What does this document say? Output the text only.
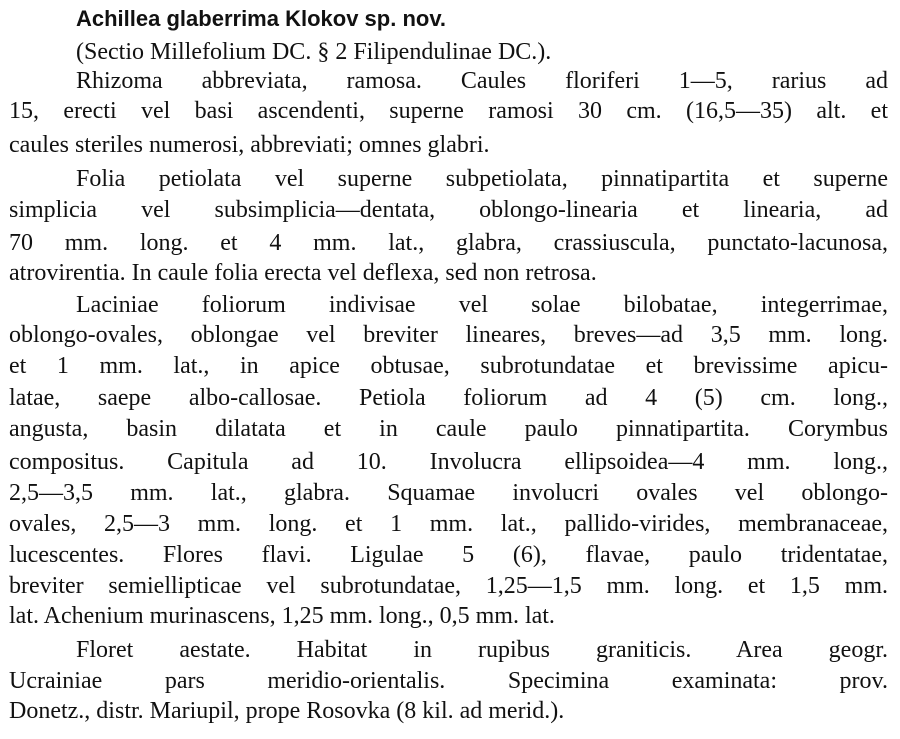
Achillea glaberrima Klokov sp. nov.
(Sectio Millefolium DC. § 2 Filipendulinae DC.).
Rhizoma abbreviata, ramosa. Caules floriferi 1—5, rarius ad
15, erecti vel basi ascendenti, superne ramosi 30 cm. (16,5—35) alt. et
caules steriles numerosi, abbreviati; omnes glabri.
Folia petiolata vel superne subpetiolata, pinnatipartita et superne
simplicia vel subsimplicia—dentata, oblongo-linearia et linearia, ad
70 mm. long. et 4 mm. lat., glabra, crassiuscula, punctato-lacunosa,
atrovirentia. In caule folia erecta vel deflexa, sed non retrosa.
Laciniae foliorum indivisae vel solae bilobatae, integerrimae,
oblongo-ovales, oblongae vel breviter lineares, breves—ad 3,5 mm. long.
et 1 mm. lat., in apice obtusae, subrotundatae et brevissime apicu-
latae, saepe albo-callosae. Petiola foliorum ad 4 (5) cm. long.,
angusta, basin dilatata et in caule paulo pinnatipartita. Corymbus
compositus. Capitula ad 10. Involucra ellipsoidea—4 mm. long.,
2,5—3,5 mm. lat., glabra. Squamae involucri ovales vel oblongo-
ovales, 2,5—3 mm. long. et 1 mm. lat., pallido-virides, membranaceae,
lucescentes. Flores flavi. Ligulae 5 (6), flavae, paulo tridentatae,
breviter semiellipticae vel subrotundatae, 1,25—1,5 mm. long. et 1,5 mm.
lat. Achenium murinascens, 1,25 mm. long., 0,5 mm. lat.
Floret aestate. Habitat in rupibus graniticis. Area geogr.
Ucrainiae pars meridio-orientalis. Specimina examinata: prov.
Donetz., distr. Mariupil, prope Rosovka (8 kil. ad merid.).
